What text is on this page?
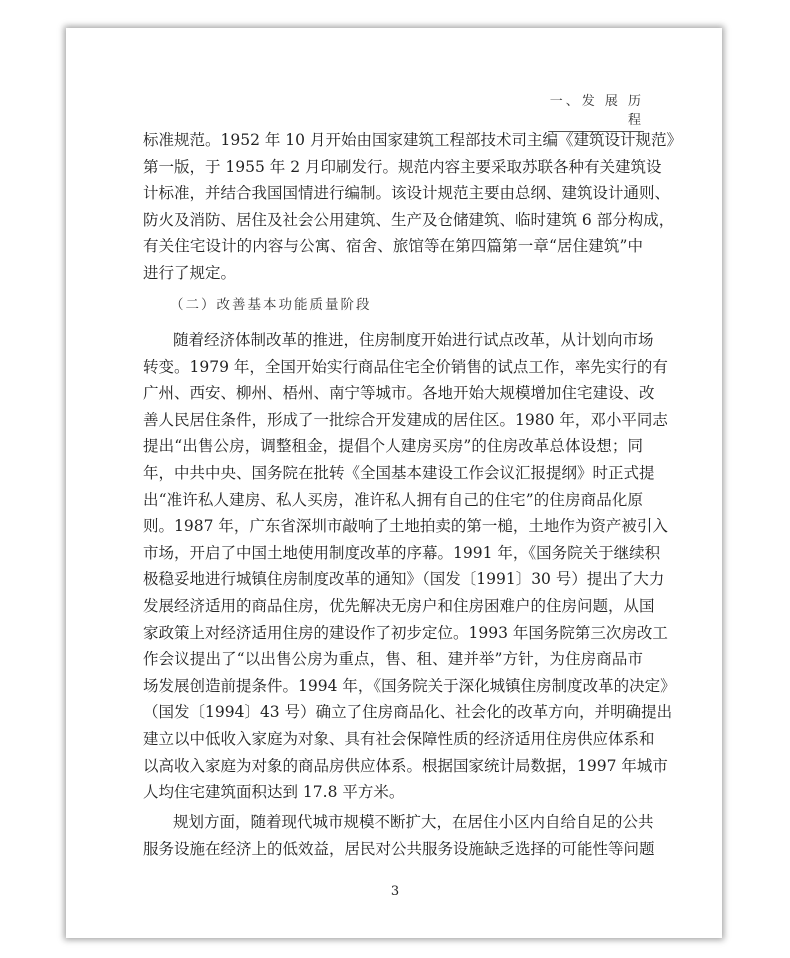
一、发 展 历 程
标准规范。1952 年 10 月开始由国家建筑工程部技术司主编《建筑设计规范》
第一版，于 1955 年 2 月印刷发行。规范内容主要采取苏联各种有关建筑设
计标准，并结合我国国情进行编制。该设计规范主要由总纲、建筑设计通则、
防火及消防、居住及社会公用建筑、生产及仓储建筑、临时建筑 6 部分构成，
有关住宅设计的内容与公寓、宿舍、旅馆等在第四篇第一章“居住建筑”中
进行了规定。
随着经济体制改革的推进，住房制度开始进行试点改革，从计划向市场
转变。1979 年，全国开始实行商品住宅全价销售的试点工作，率先实行的有
广州、西安、柳州、梧州、南宁等城市。各地开始大规模增加住宅建设、改
善人民居住条件，形成了一批综合开发建成的居住区。1980 年，邓小平同志
提出“出售公房，调整租金，提倡个人建房买房”的住房改革总体设想；同
年，中共中央、国务院在批转《全国基本建设工作会议汇报提纲》时正式提
出“准许私人建房、私人买房，准许私人拥有自己的住宅”的住房商品化原
则。1987 年，广东省深圳市敲响了土地拍卖的第一槌，土地作为资产被引入
市场，开启了中国土地使用制度改革的序幕。1991 年，《国务院关于继续积
极稳妥地进行城镇住房制度改革的通知》（国发〔1991〕30 号）提出了大力
发展经济适用的商品住房，优先解决无房户和住房困难户的住房问题，从国
家政策上对经济适用住房的建设作了初步定位。1993 年国务院第三次房改工
作会议提出了“以出售公房为重点，售、租、建并举”方针，为住房商品市
场发展创造前提条件。1994 年，《国务院关于深化城镇住房制度改革的决定》
（国发〔1994〕43 号）确立了住房商品化、社会化的改革方向，并明确提出
建立以中低收入家庭为对象、具有社会保障性质的经济适用住房供应体系和
以高收入家庭为对象的商品房供应体系。根据国家统计局数据，1997 年城市
人均住宅建筑面积达到 17.8 平方米。
规划方面，随着现代城市规模不断扩大，在居住小区内自给自足的公共
服务设施在经济上的低效益，居民对公共服务设施缺乏选择的可能性等问题
（二）改善基本功能质量阶段
3
